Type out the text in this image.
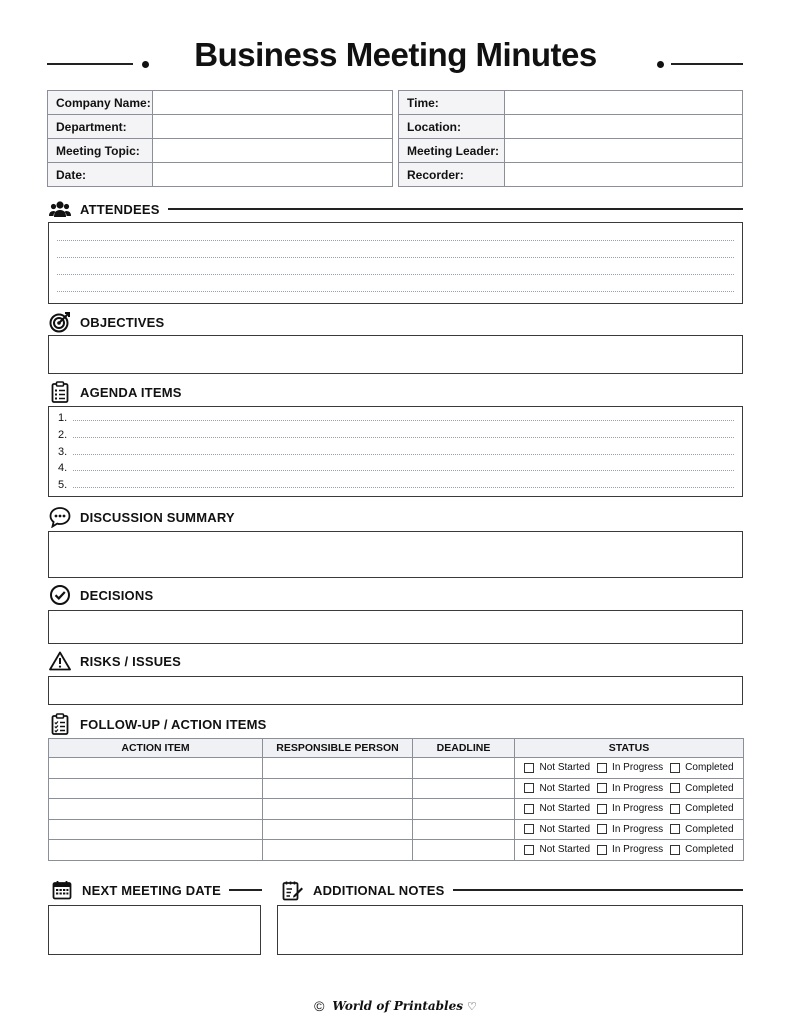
Business Meeting Minutes
Company Name:	
Department:	
Meeting Topic:	
Date:	
Time:	
Location:	
Meeting Leader:	
Recorder:	
ATTENDEES
OBJECTIVES
AGENDA ITEMS
1.
2.
3.
4.
5.
DISCUSSION SUMMARY
DECISIONS
RISKS / ISSUES
FOLLOW-UP / ACTION ITEMS
ACTION ITEM	RESPONSIBLE PERSON	DEADLINE	STATUS

			Not Started In Progress Completed

			Not Started In Progress Completed

			Not Started In Progress Completed

			Not Started In Progress Completed

			Not Started In Progress Completed
NEXT MEETING DATE	ADDITIONAL NOTES
© World of Printables ♡
